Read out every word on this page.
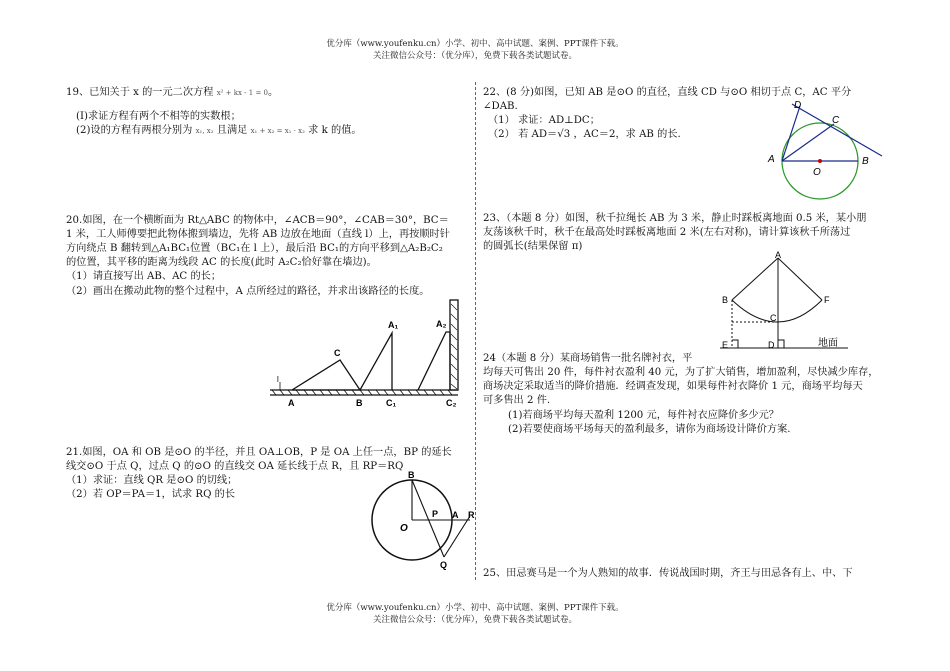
优分库（www.youfenku.cn）小学、初中、高中试题、案例、PPT课件下载。
关注微信公众号：（优分库），免费下载各类试题试卷。
19、已知关于 x 的一元二次方程 x² + kx - 1 = 0。
(I)求证方程有两个不相等的实数根；
(2)设的方程有两根分别为 x₁, x₂ 且满足 x₁ + x₂ = x₁ · x₂ 求 k 的值。
20.如图，在一个横断面为 Rt△ABC 的物体中，∠ACB＝90°，∠CAB＝30°，BC＝
1 米，工人师傅要把此物体搬到墙边，先将 AB 边放在地面（直线 l）上，再按顺时针
方向绕点 B 翻转到△A₁BC₁位置（BC₁在 l 上），最后沿 BC₁的方向平移到△A₂B₂C₂
的位置，其平移的距离为线段 AC 的长度(此时 A₂C₂恰好靠在墙边)。
（1）请直接写出 AB、AC 的长；
（2）画出在搬动此物的整个过程中，A 点所经过的路径，并求出该路径的长度。
l
A
C
B	C₁
A₁	A₂
C₂
21.如图，OA 和 OB 是⊙O 的半径，并且 OA⊥OB，P 是 OA 上任一点，BP 的延长
线交⊙O 于点 Q，过点 Q 的⊙O 的直线交 OA 延长线于点 R，且 RP＝RQ
（1）求证：直线 QR 是⊙O 的切线；
（2）若 OP＝PA＝1，试求 RQ 的长
B
O
P A R
Q
22、(8 分)如图，已知 AB 是⊙O 的直径，直线 CD 与⊙O 相切于点 C，AC 平分
∠DAB.
（1） 求证：AD⊥DC；
（2） 若 AD＝√3 ，AC＝2，求 AB 的长.
D
C
A	B
O
23、（本题 8 分）如图，秋千拉绳长 AB 为 3 米，静止时踩板离地面 0.5 米，某小朋
友荡该秋千时，秋千在最高处时踩板离地面 2 米(左右对称)，请计算该秋千所荡过
的圆弧长(结果保留 π)
A
B	F
C
E	D	地面
24（本题 8 分）某商场销售一批名牌衬衣，平
均每天可售出 20 件，每件衬衣盈利 40 元，为了扩大销售，增加盈利，尽快减少库存，
商场决定采取适当的降价措施．经调查发现，如果每件衬衣降价 1 元，商场平均每天
可多售出 2 件.
(1)若商场平均每天盈利 1200 元，每件衬衣应降价多少元？
(2)若要使商场平场每天的盈利最多，请你为商场设计降价方案.
25、田忌赛马是一个为人熟知的故事．传说战国时期，齐王与田忌各有上、中、下
优分库（www.youfenku.cn）小学、初中、高中试题、案例、PPT课件下载。
关注微信公众号：（优分库），免费下载各类试题试卷。
